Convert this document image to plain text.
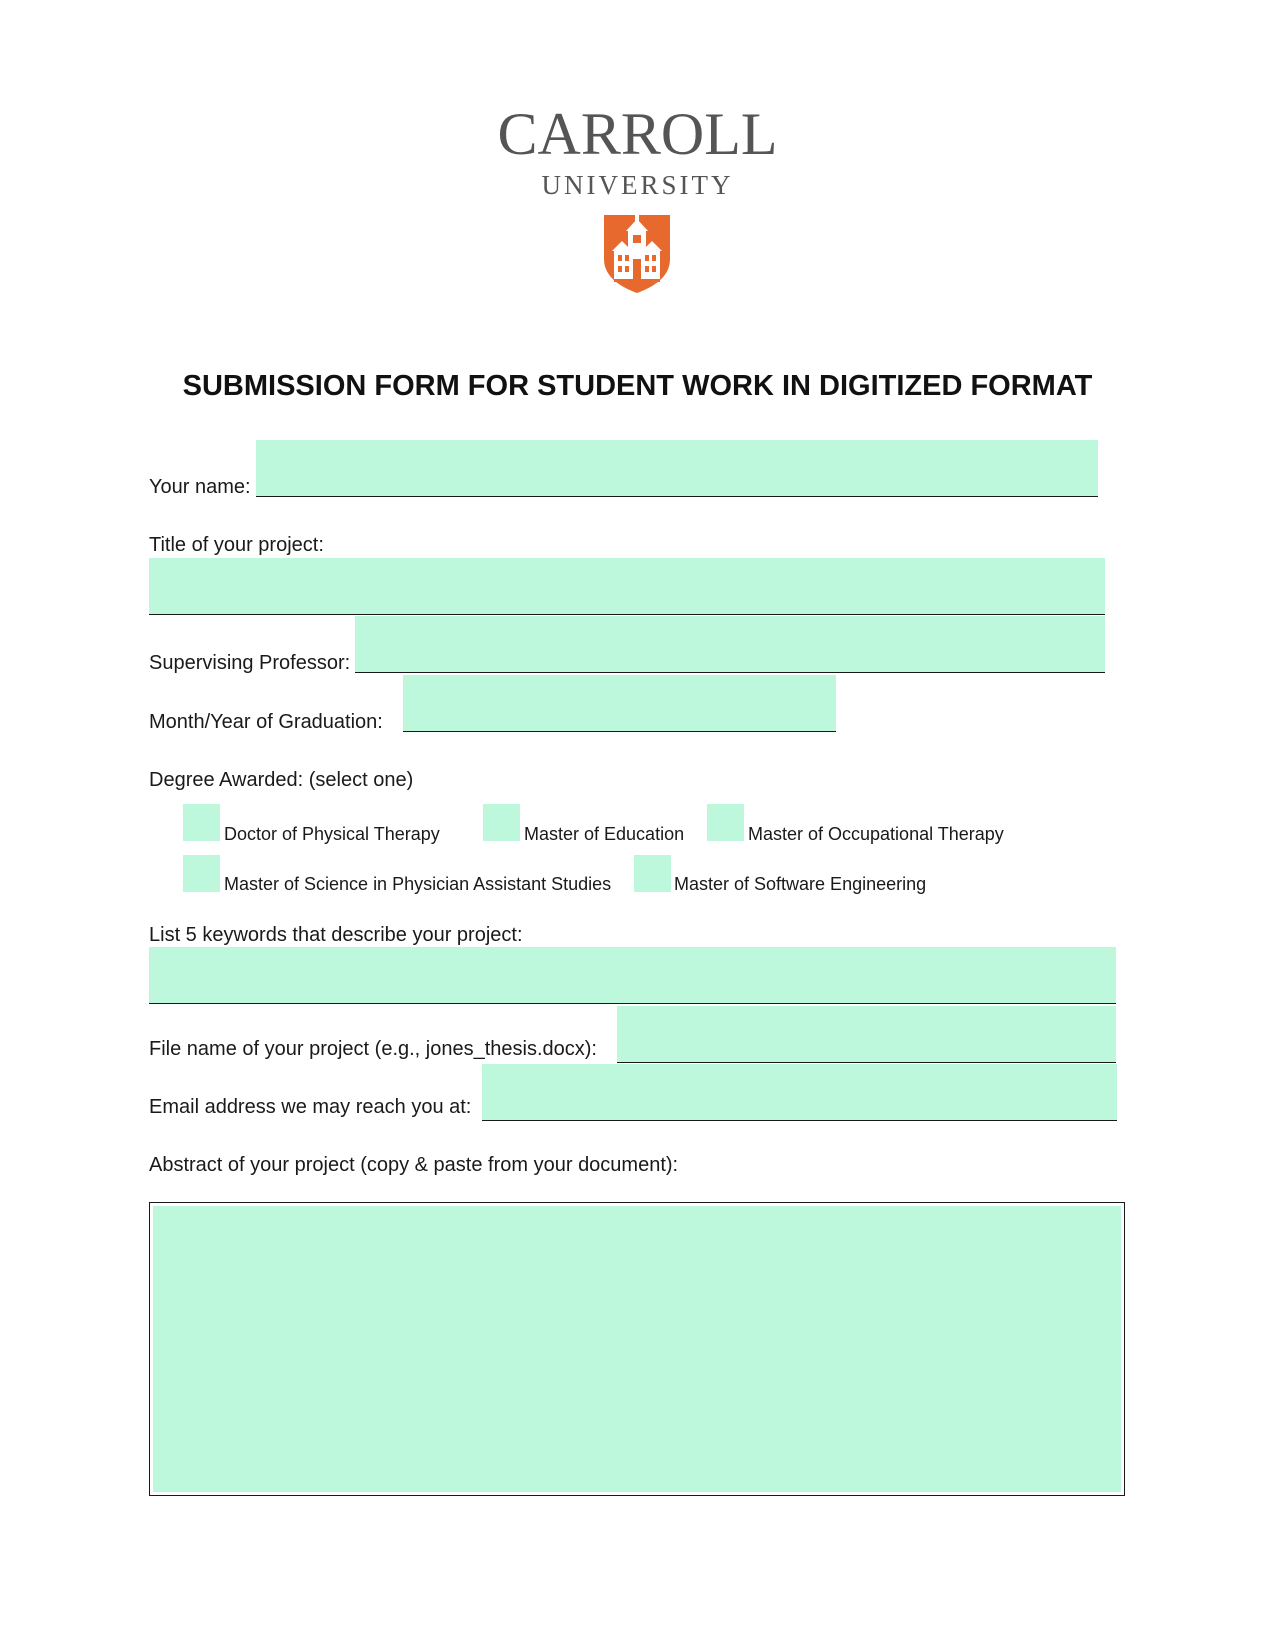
CARROLL
UNIVERSITY
SUBMISSION FORM FOR STUDENT WORK IN DIGITIZED FORMAT
Your name:
Title of your project:
Supervising Professor:
Month/Year of Graduation:
Degree Awarded: (select one)
Doctor of Physical Therapy	Master of Education	Master of Occupational Therapy
Master of Science in Physician Assistant Studies	Master of Software Engineering
List 5 keywords that describe your project:
File name of your project (e.g., jones_thesis.docx):
Email address we may reach you at:
Abstract of your project (copy & paste from your document):
